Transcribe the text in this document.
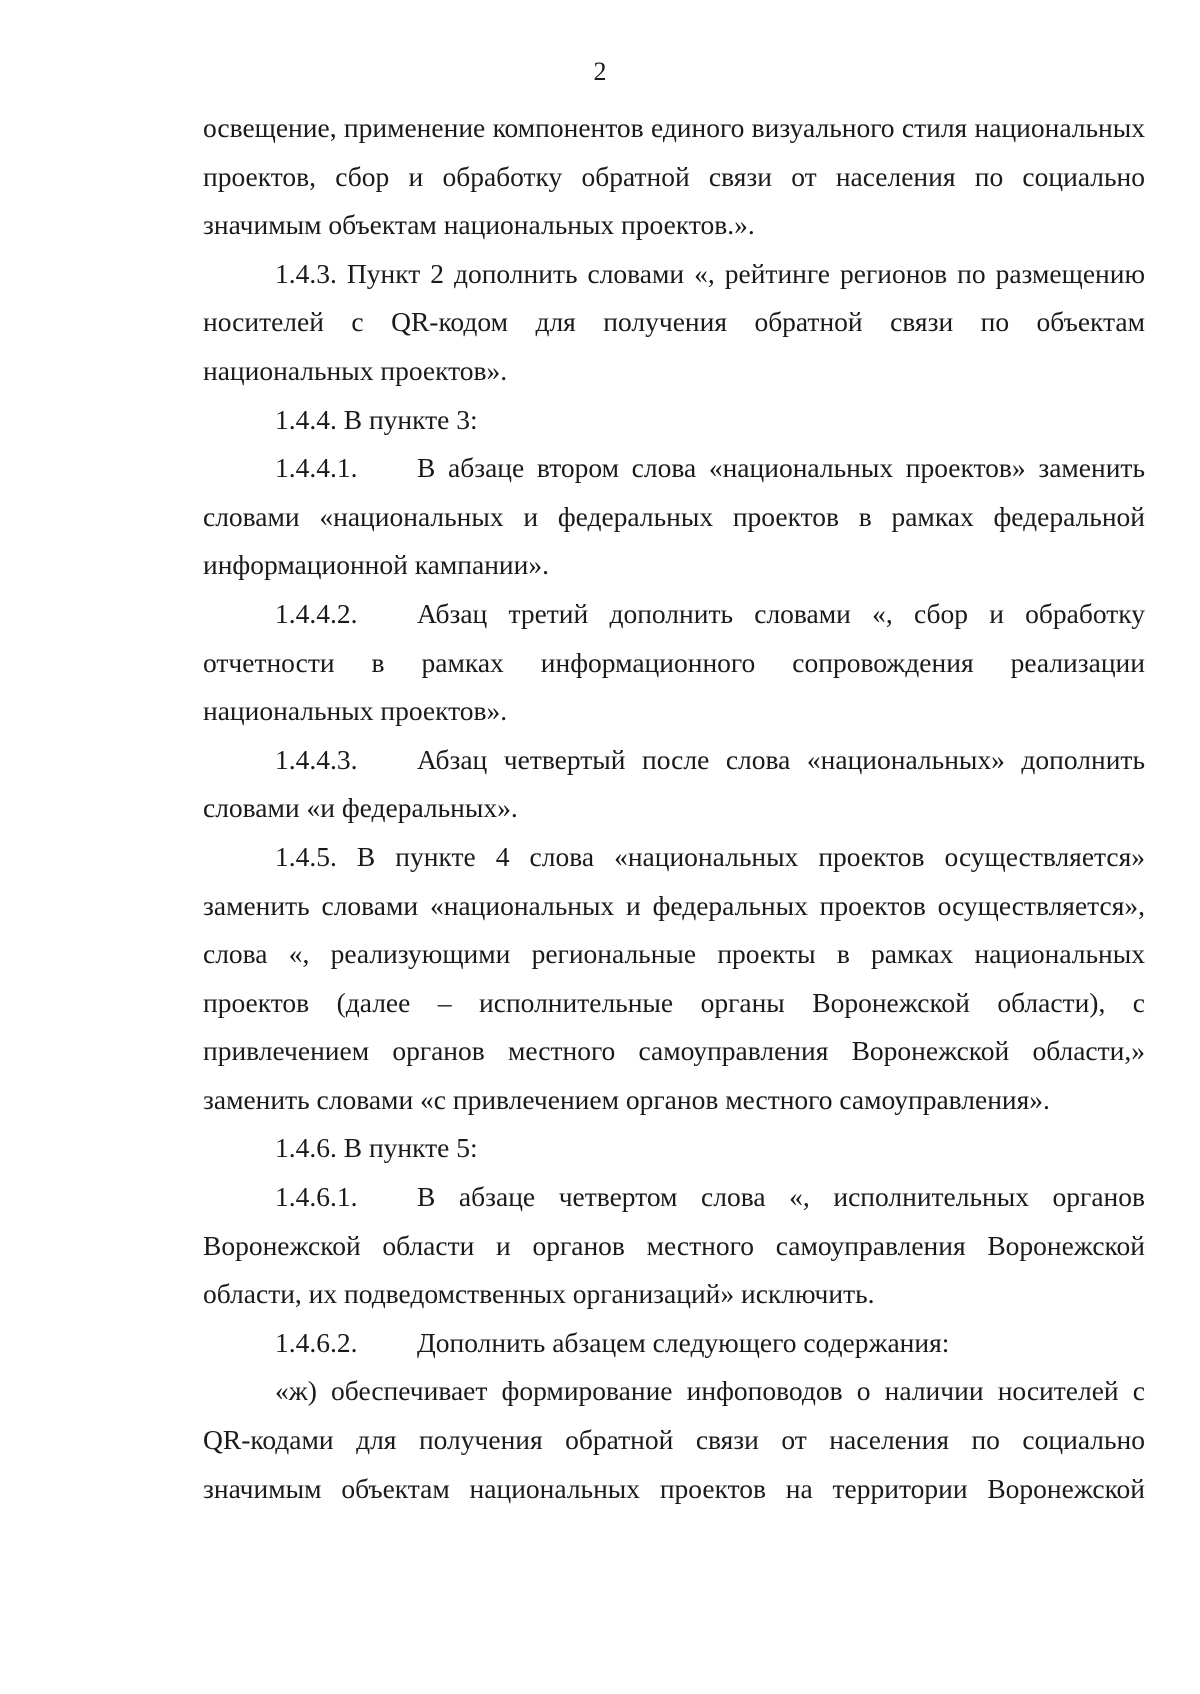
2

освещение, применение компонентов единого визуального стиля национальных проектов, сбор и обработку обратной связи от населения по социально значимым объектам национальных проектов.».

1.4.3. Пункт 2 дополнить словами «, рейтинге регионов по размещению носителей с QR-кодом для получения обратной связи по объектам национальных проектов».

1.4.4. В пункте 3:

1.4.4.1. В абзаце втором слова «национальных проектов» заменить словами «национальных и федеральных проектов в рамках федеральной информационной кампании».

1.4.4.2. Абзац третий дополнить словами «, сбор и обработку отчетности в рамках информационного сопровождения реализации национальных проектов».

1.4.4.3. Абзац четвертый после слова «национальных» дополнить словами «и федеральных».

1.4.5. В пункте 4 слова «национальных проектов осуществляется» заменить словами «национальных и федеральных проектов осуществляется», слова «, реализующими региональные проекты в рамках национальных проектов (далее – исполнительные органы Воронежской области), с привлечением органов местного самоуправления Воронежской области,» заменить словами «с привлечением органов местного самоуправления».

1.4.6. В пункте 5:

1.4.6.1. В абзаце четвертом слова «, исполнительных органов Воронежской области и органов местного самоуправления Воронежской области, их подведомственных организаций» исключить.

1.4.6.2. Дополнить абзацем следующего содержания:

«ж) обеспечивает формирование инфоповодов о наличии носителей с QR-кодами для получения обратной связи от населения по социально значимым объектам национальных проектов на территории Воронежской
